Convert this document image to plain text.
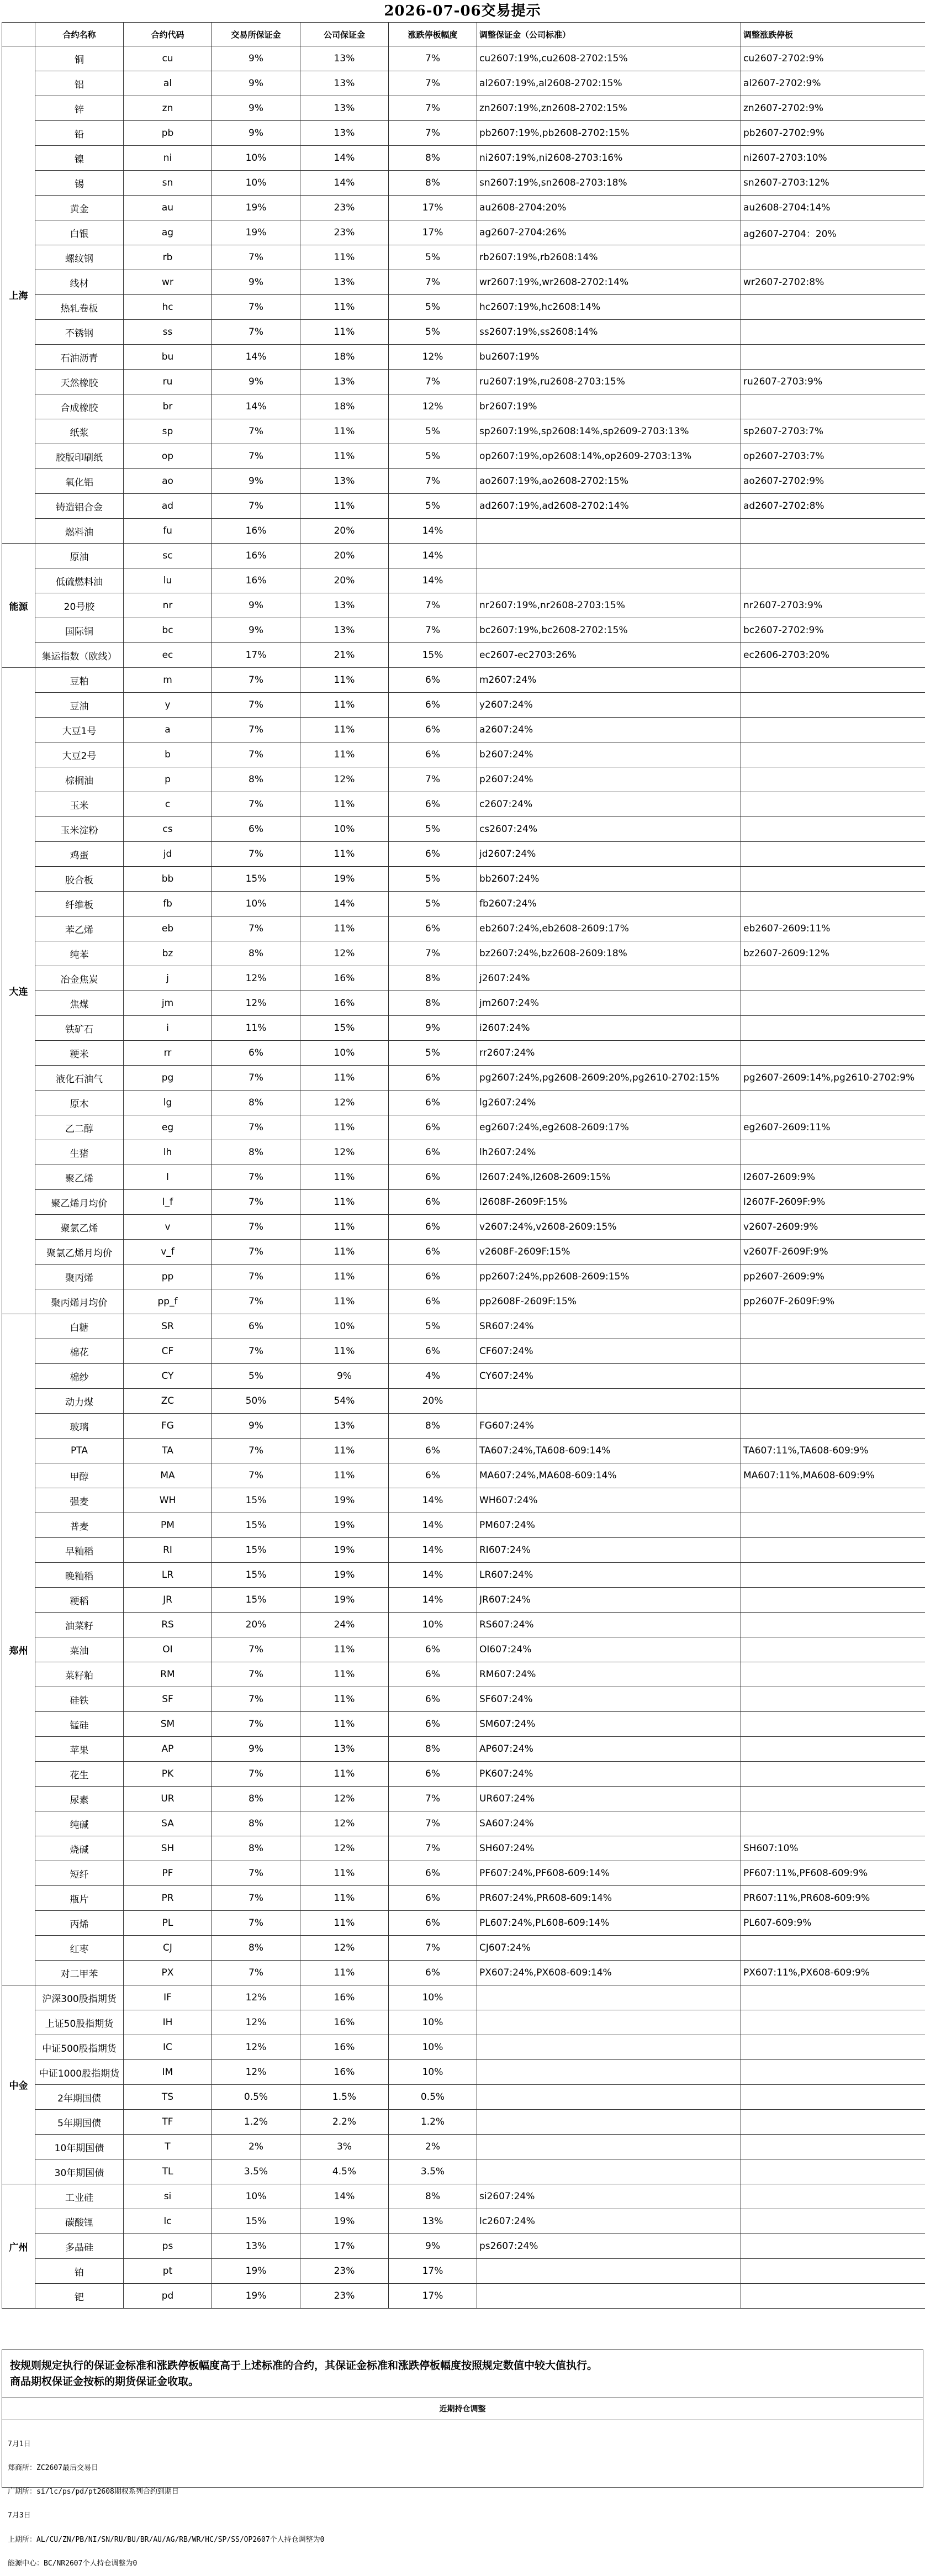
2026-07-06交易提示
	合约名称	合约代码	交易所保证金	公司保证金	涨跌停板幅度	调整保证金（公司标准）	调整涨跌停板
上海	铜	cu	9%	13%	7%	cu2607:19%,cu2608-2702:15%	cu2607-2702:9%
	铝	al	9%	13%	7%	al2607:19%,al2608-2702:15%	al2607-2702:9%
	锌	zn	9%	13%	7%	zn2607:19%,zn2608-2702:15%	zn2607-2702:9%
	铅	pb	9%	13%	7%	pb2607:19%,pb2608-2702:15%	pb2607-2702:9%
	镍	ni	10%	14%	8%	ni2607:19%,ni2608-2703:16%	ni2607-2703:10%
	锡	sn	10%	14%	8%	sn2607:19%,sn2608-2703:18%	sn2607-2703:12%
	黄金	au	19%	23%	17%	au2608-2704:20%	au2608-2704:14%
	白银	ag	19%	23%	17%	ag2607-2704:26%	ag2607-2704：20%
	螺纹钢	rb	7%	11%	5%	rb2607:19%,rb2608:14%	
	线材	wr	9%	13%	7%	wr2607:19%,wr2608-2702:14%	wr2607-2702:8%
	热轧卷板	hc	7%	11%	5%	hc2607:19%,hc2608:14%	
	不锈钢	ss	7%	11%	5%	ss2607:19%,ss2608:14%	
	石油沥青	bu	14%	18%	12%	bu2607:19%	
	天然橡胶	ru	9%	13%	7%	ru2607:19%,ru2608-2703:15%	ru2607-2703:9%
	合成橡胶	br	14%	18%	12%	br2607:19%	
	纸浆	sp	7%	11%	5%	sp2607:19%,sp2608:14%,sp2609-2703:13%	sp2607-2703:7%
	胶版印刷纸	op	7%	11%	5%	op2607:19%,op2608:14%,op2609-2703:13%	op2607-2703:7%
	氧化铝	ao	9%	13%	7%	ao2607:19%,ao2608-2702:15%	ao2607-2702:9%
	铸造铝合金	ad	7%	11%	5%	ad2607:19%,ad2608-2702:14%	ad2607-2702:8%
	燃料油	fu	16%	20%	14%		
能源	原油	sc	16%	20%	14%		
	低硫燃料油	lu	16%	20%	14%		
	20号胶	nr	9%	13%	7%	nr2607:19%,nr2608-2703:15%	nr2607-2703:9%
	国际铜	bc	9%	13%	7%	bc2607:19%,bc2608-2702:15%	bc2607-2702:9%
	集运指数（欧线）	ec	17%	21%	15%	ec2607-ec2703:26%	ec2606-2703:20%
大连	豆粕	m	7%	11%	6%	m2607:24%	
	豆油	y	7%	11%	6%	y2607:24%	
	大豆1号	a	7%	11%	6%	a2607:24%	
	大豆2号	b	7%	11%	6%	b2607:24%	
	棕榈油	p	8%	12%	7%	p2607:24%	
	玉米	c	7%	11%	6%	c2607:24%	
	玉米淀粉	cs	6%	10%	5%	cs2607:24%	
	鸡蛋	jd	7%	11%	6%	jd2607:24%	
	胶合板	bb	15%	19%	5%	bb2607:24%	
	纤维板	fb	10%	14%	5%	fb2607:24%	
	苯乙烯	eb	7%	11%	6%	eb2607:24%,eb2608-2609:17%	eb2607-2609:11%
	纯苯	bz	8%	12%	7%	bz2607:24%,bz2608-2609:18%	bz2607-2609:12%
	冶金焦炭	j	12%	16%	8%	j2607:24%	
	焦煤	jm	12%	16%	8%	jm2607:24%	
	铁矿石	i	11%	15%	9%	i2607:24%	
	粳米	rr	6%	10%	5%	rr2607:24%	
	液化石油气	pg	7%	11%	6%	pg2607:24%,pg2608-2609:20%,pg2610-2702:15%	pg2607-2609:14%,pg2610-2702:9%
	原木	lg	8%	12%	6%	lg2607:24%	
	乙二醇	eg	7%	11%	6%	eg2607:24%,eg2608-2609:17%	eg2607-2609:11%
	生猪	lh	8%	12%	6%	lh2607:24%	
	聚乙烯	l	7%	11%	6%	l2607:24%,l2608-2609:15%	l2607-2609:9%
	聚乙烯月均价	l_f	7%	11%	6%	l2608F-2609F:15%	l2607F-2609F:9%
	聚氯乙烯	v	7%	11%	6%	v2607:24%,v2608-2609:15%	v2607-2609:9%
	聚氯乙烯月均价	v_f	7%	11%	6%	v2608F-2609F:15%	v2607F-2609F:9%
	聚丙烯	pp	7%	11%	6%	pp2607:24%,pp2608-2609:15%	pp2607-2609:9%
	聚丙烯月均价	pp_f	7%	11%	6%	pp2608F-2609F:15%	pp2607F-2609F:9%
郑州	白糖	SR	6%	10%	5%	SR607:24%	
	棉花	CF	7%	11%	6%	CF607:24%	
	棉纱	CY	5%	9%	4%	CY607:24%	
	动力煤	ZC	50%	54%	20%		
	玻璃	FG	9%	13%	8%	FG607:24%	
	PTA	TA	7%	11%	6%	TA607:24%,TA608-609:14%	TA607:11%,TA608-609:9%
	甲醇	MA	7%	11%	6%	MA607:24%,MA608-609:14%	MA607:11%,MA608-609:9%
	强麦	WH	15%	19%	14%	WH607:24%	
	普麦	PM	15%	19%	14%	PM607:24%	
	早籼稻	RI	15%	19%	14%	RI607:24%	
	晚籼稻	LR	15%	19%	14%	LR607:24%	
	粳稻	JR	15%	19%	14%	JR607:24%	
	油菜籽	RS	20%	24%	10%	RS607:24%	
	菜油	OI	7%	11%	6%	OI607:24%	
	菜籽粕	RM	7%	11%	6%	RM607:24%	
	硅铁	SF	7%	11%	6%	SF607:24%	
	锰硅	SM	7%	11%	6%	SM607:24%	
	苹果	AP	9%	13%	8%	AP607:24%	
	花生	PK	7%	11%	6%	PK607:24%	
	尿素	UR	8%	12%	7%	UR607:24%	
	纯碱	SA	8%	12%	7%	SA607:24%	
	烧碱	SH	8%	12%	7%	SH607:24%	SH607:10%
	短纤	PF	7%	11%	6%	PF607:24%,PF608-609:14%	PF607:11%,PF608-609:9%
	瓶片	PR	7%	11%	6%	PR607:24%,PR608-609:14%	PR607:11%,PR608-609:9%
	丙烯	PL	7%	11%	6%	PL607:24%,PL608-609:14%	PL607-609:9%
	红枣	CJ	8%	12%	7%	CJ607:24%	
	对二甲苯	PX	7%	11%	6%	PX607:24%,PX608-609:14%	PX607:11%,PX608-609:9%
中金	沪深300股指期货	IF	12%	16%	10%		
	上证50股指期货	IH	12%	16%	10%		
	中证500股指期货	IC	12%	16%	10%		
	中证1000股指期货	IM	12%	16%	10%		
	2年期国债	TS	0.5%	1.5%	0.5%		
	5年期国债	TF	1.2%	2.2%	1.2%		
	10年期国债	T	2%	3%	2%		
	30年期国债	TL	3.5%	4.5%	3.5%		
广州	工业硅	si	10%	14%	8%	si2607:24%	
	碳酸锂	lc	15%	19%	13%	lc2607:24%	
	多晶硅	ps	13%	17%	9%	ps2607:24%	
	铂	pt	19%	23%	17%		
	钯	pd	19%	23%	17%		
按规则规定执行的保证金标准和涨跌停板幅度高于上述标准的合约，其保证金标准和涨跌停板幅度按照规定数值中较大值执行。
商品期权保证金按标的期货保证金收取。
近期持仓调整

7月1日

郑商所：ZC2607最后交易日

广期所：si/lc/ps/pd/pt2608期权系列合约到期日

7月3日

上期所：AL/CU/ZN/PB/NI/SN/RU/BU/BR/AU/AG/RB/WR/HC/SP/SS/OP2607个人持仓调整为0

能源中心：BC/NR2607个人持仓调整为0
